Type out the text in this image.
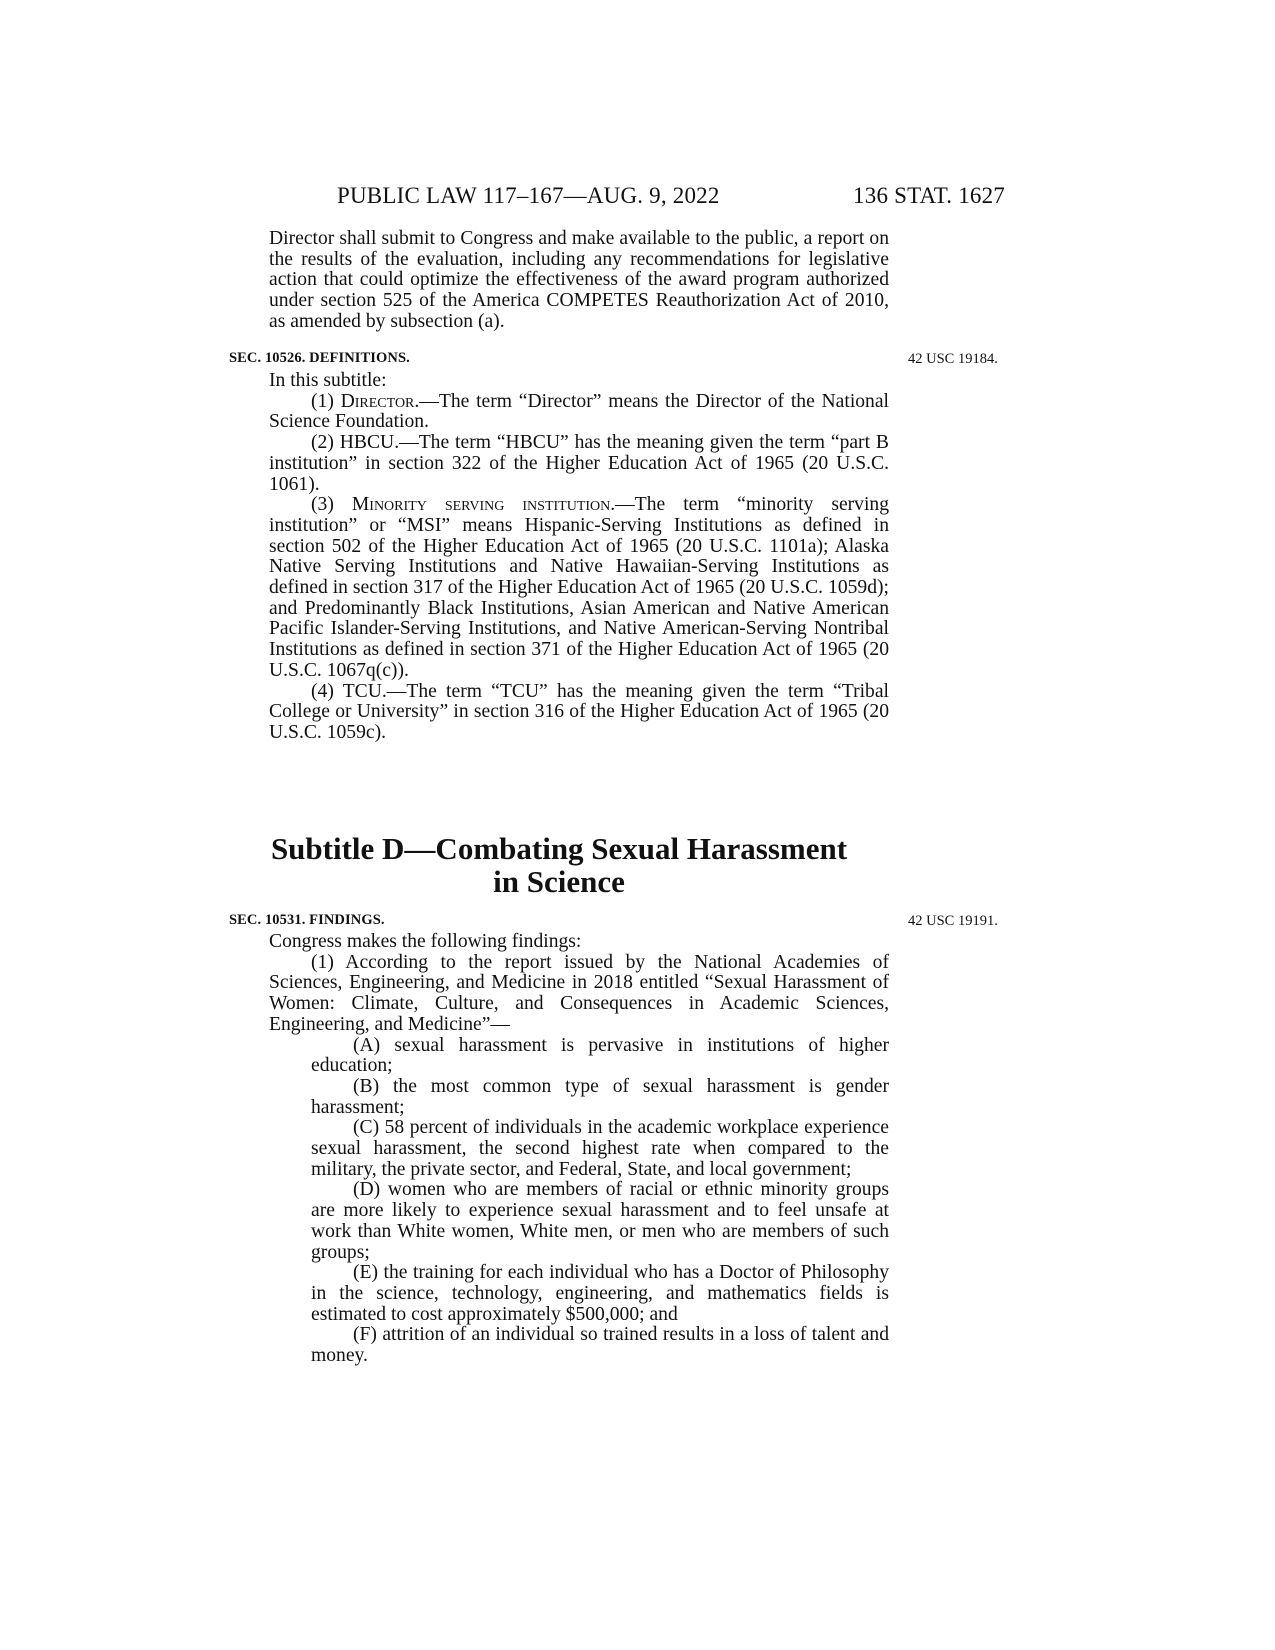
PUBLIC LAW 117–167—AUG. 9, 2022	136 STAT. 1627

Director shall submit to Congress and make available to the public, a report on the results of the evaluation, including any recommendations for legislative action that could optimize the effectiveness of the award program authorized under section 525 of the America COMPETES Reauthorization Act of 2010, as amended by subsection (a).

SEC. 10526. DEFINITIONS.	42 USC 19184.

In this subtitle:

(1) Director.—The term “Director” means the Director of the National Science Foundation.

(2) HBCU.—The term “HBCU” has the meaning given the term “part B institution” in section 322 of the Higher Education Act of 1965 (20 U.S.C. 1061).

(3) Minority serving institution.—The term “minority serving institution” or “MSI” means Hispanic-Serving Institutions as defined in section 502 of the Higher Education Act of 1965 (20 U.S.C. 1101a); Alaska Native Serving Institutions and Native Hawaiian-Serving Institutions as defined in section 317 of the Higher Education Act of 1965 (20 U.S.C. 1059d); and Predominantly Black Institutions, Asian American and Native American Pacific Islander-Serving Institutions, and Native American-Serving Nontribal Institutions as defined in section 371 of the Higher Education Act of 1965 (20 U.S.C. 1067q(c)).

(4) TCU.—The term “TCU” has the meaning given the term “Tribal College or University” in section 316 of the Higher Education Act of 1965 (20 U.S.C. 1059c).

Subtitle D—Combating Sexual Harassment
in Science
SEC. 10531. FINDINGS.	42 USC 19191.

Congress makes the following findings:

(1) According to the report issued by the National Academies of Sciences, Engineering, and Medicine in 2018 entitled “Sexual Harassment of Women: Climate, Culture, and Consequences in Academic Sciences, Engineering, and Medicine”—

(A) sexual harassment is pervasive in institutions of higher education;

(B) the most common type of sexual harassment is gender harassment;

(C) 58 percent of individuals in the academic workplace experience sexual harassment, the second highest rate when compared to the military, the private sector, and Federal, State, and local government;

(D) women who are members of racial or ethnic minority groups are more likely to experience sexual harassment and to feel unsafe at work than White women, White men, or men who are members of such groups;

(E) the training for each individual who has a Doctor of Philosophy in the science, technology, engineering, and mathematics fields is estimated to cost approximately $500,000; and

(F) attrition of an individual so trained results in a loss of talent and money.
